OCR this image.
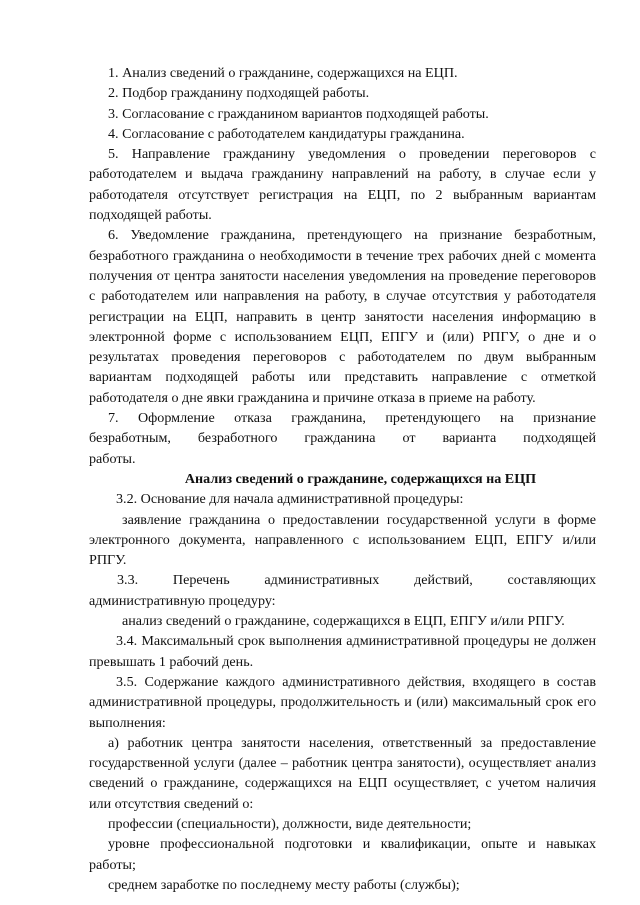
1. Анализ сведений о гражданине, содержащихся на ЕЦП.

2. Подбор гражданину подходящей работы.

3. Согласование с гражданином вариантов подходящей работы.

4. Согласование с работодателем кандидатуры гражданина.

5. Направление гражданину уведомления о проведении переговоров с работодателем и выдача гражданину направлений на работу, в случае если у работодателя отсутствует регистрация на ЕЦП, по 2 выбранным вариантам подходящей работы.

6. Уведомление гражданина, претендующего на признание безработным, безработного гражданина о необходимости в течение трех рабочих дней с момента получения от центра занятости населения уведомления на проведение переговоров с работодателем или направления на работу, в случае отсутствия у работодателя регистрации на ЕЦП, направить в центр занятости населения информацию в электронной форме с использованием ЕЦП, ЕПГУ и (или) РПГУ, о дне и о результатах проведения переговоров с работодателем по двум выбранным вариантам подходящей работы или представить направление с отметкой работодателя о дне явки гражданина и причине отказа в приеме на работу.

7. Оформление отказа гражданина, претендующего на признание безработным, безработного гражданина от варианта подходящей работы.

Анализ сведений о гражданине, содержащихся на ЕЦП

3.2. Основание для начала административной процедуры:

заявление гражданина о предоставлении государственной услуги в форме электронного документа, направленного с использованием ЕЦП, ЕПГУ и/или РПГУ.

3.3. Перечень административных действий, составляющих

административную процедуру:

анализ сведений о гражданине, содержащихся в ЕЦП, ЕПГУ и/или РПГУ.

3.4. Максимальный срок выполнения административной процедуры не должен превышать 1 рабочий день.

3.5. Содержание каждого административного действия, входящего в состав административной процедуры, продолжительность и (или) максимальный срок его выполнения:

а) работник центра занятости населения, ответственный за предоставление государственной услуги (далее – работник центра занятости), осуществляет анализ сведений о гражданине, содержащихся на ЕЦП осуществляет, с учетом наличия или отсутствия сведений о:

профессии (специальности), должности, виде деятельности;

уровне профессиональной подготовки и квалификации, опыте и навыках работы;

среднем заработке по последнему месту работы (службы);
